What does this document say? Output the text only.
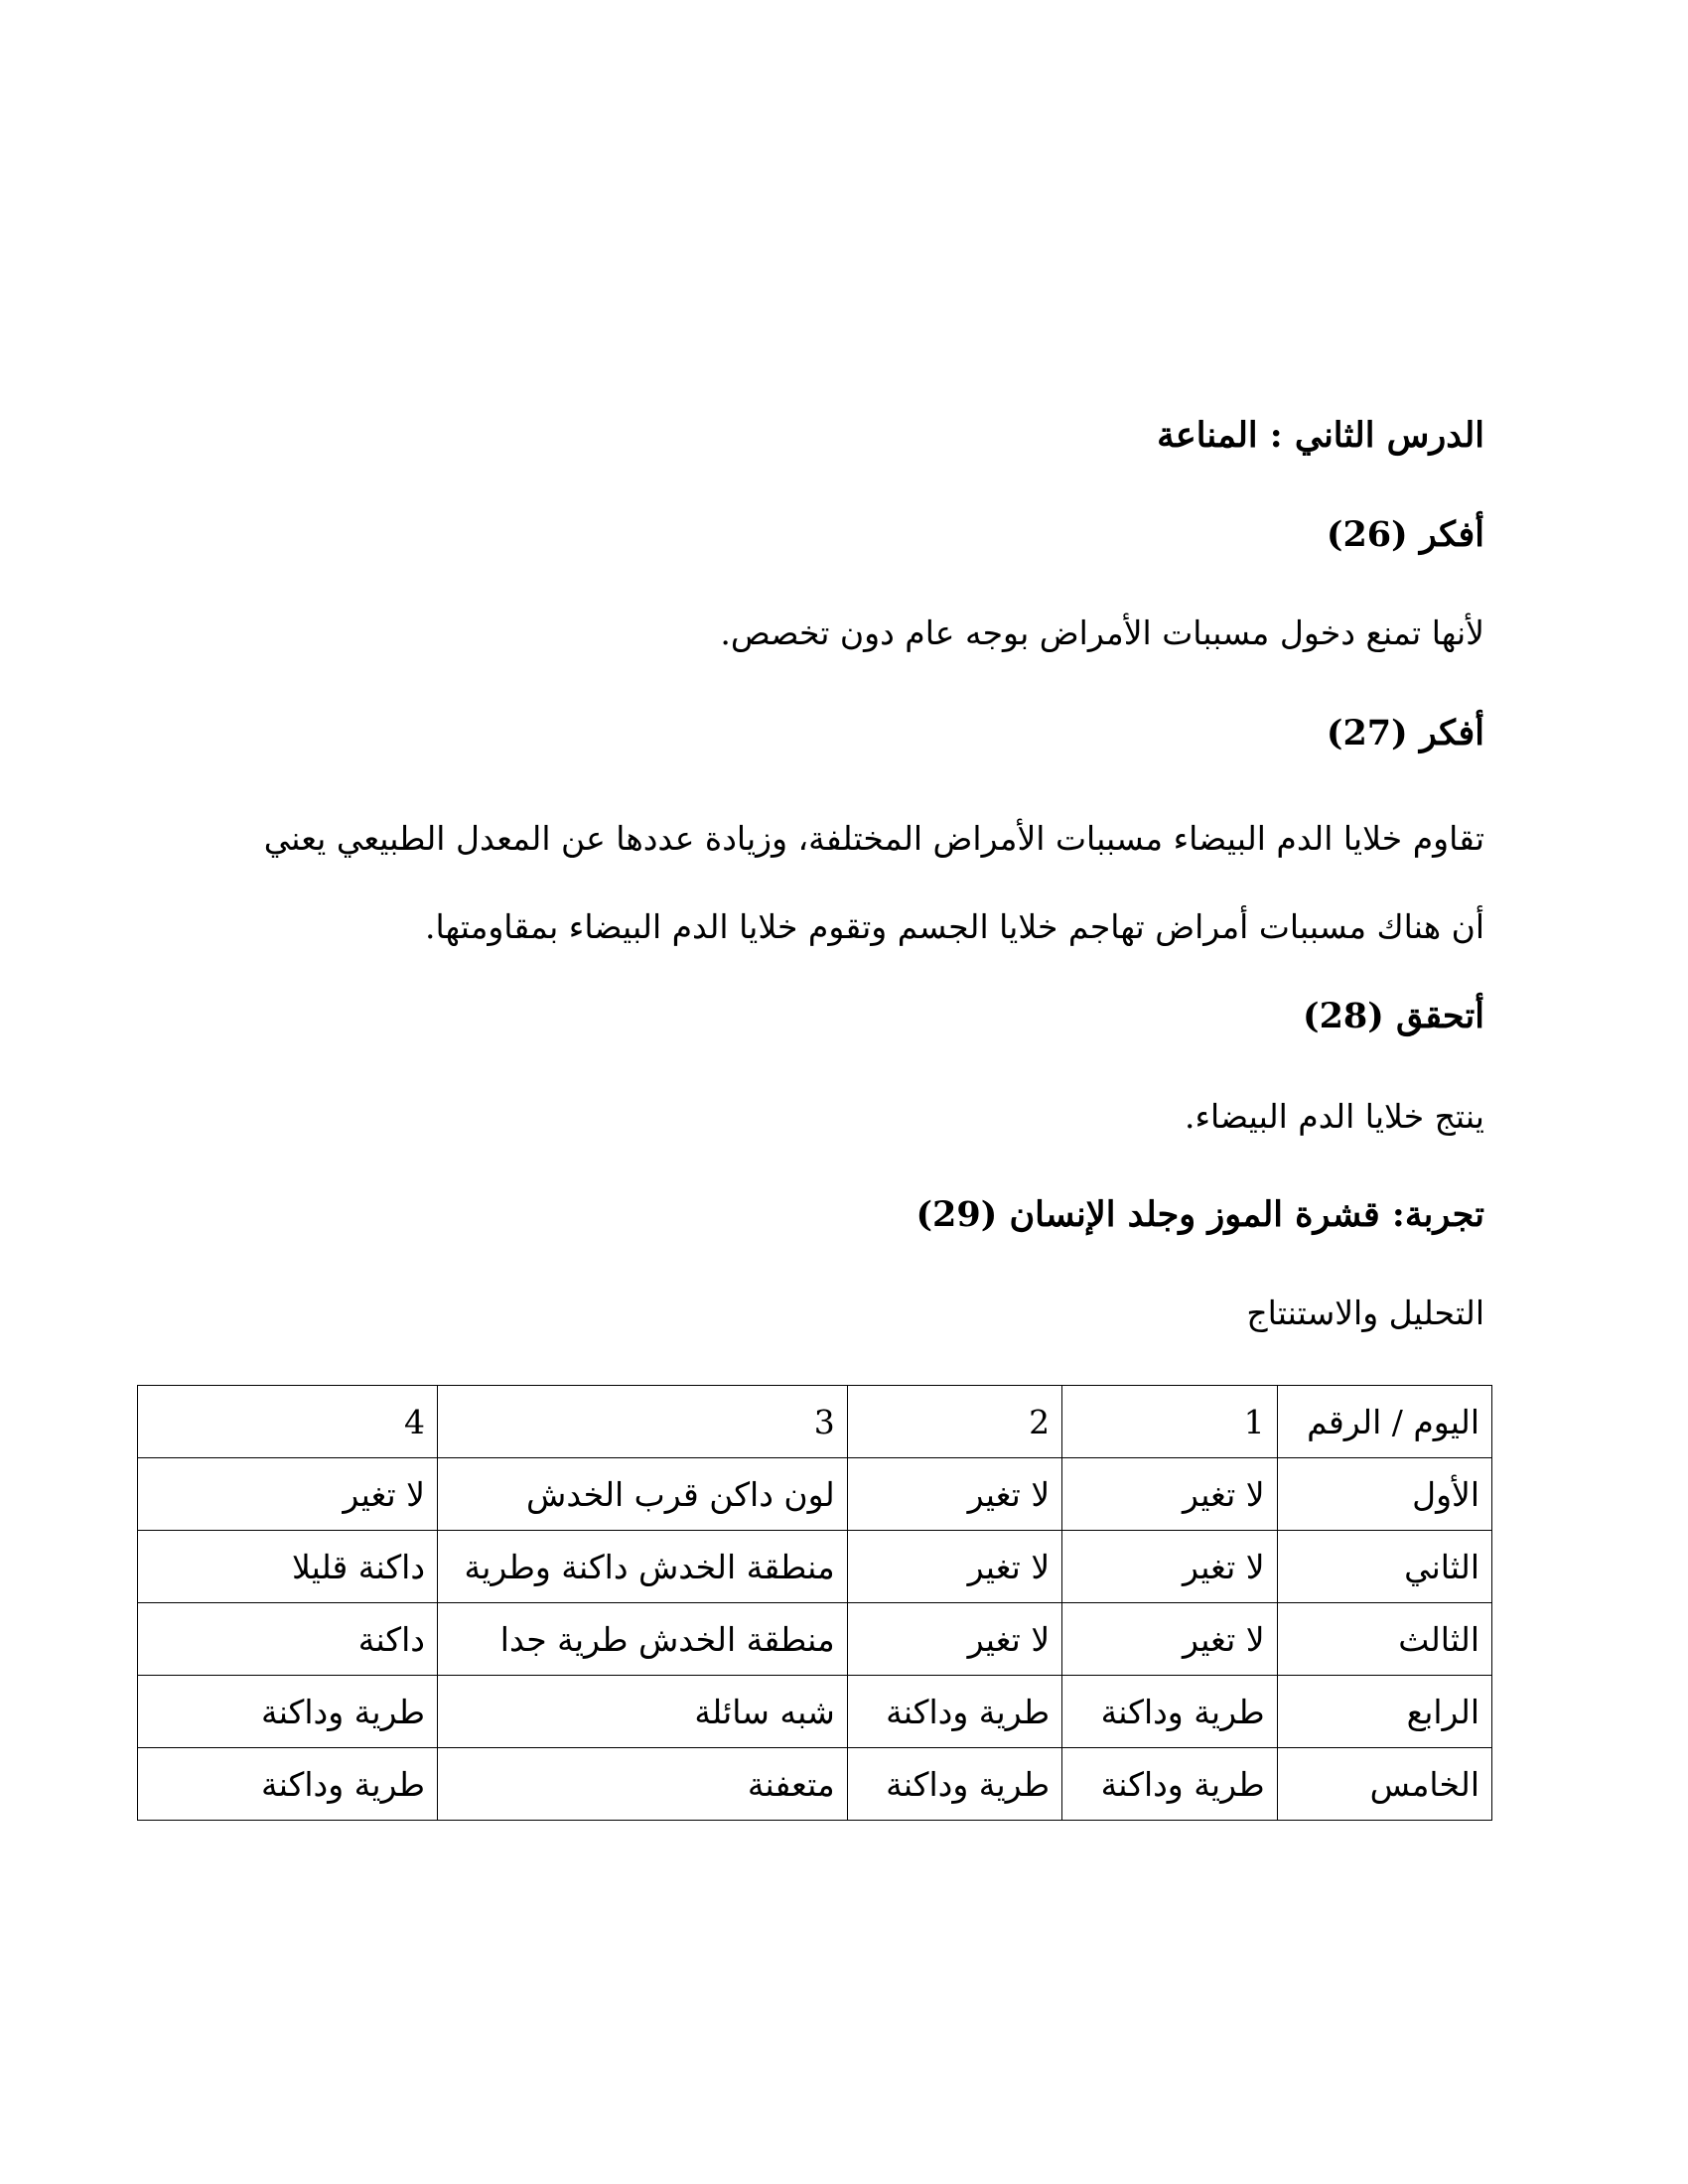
الدرس الثاني : المناعة
أفكر (26)
لأنها تمنع دخول مسببات الأمراض بوجه عام دون تخصص.
أفكر (27)
تقاوم خلايا الدم البيضاء مسببات الأمراض المختلفة، وزيادة عددها عن المعدل الطبيعي يعني
أن هناك مسببات أمراض تهاجم خلايا الجسم وتقوم خلايا الدم البيضاء بمقاومتها.
أتحقق (28)
ينتج خلايا الدم البيضاء.
تجربة: قشرة الموز وجلد الإنسان (29)
التحليل والاستنتاج
اليوم / الرقم	1	2	3	4
الأول	لا تغير	لا تغير	لون داكن قرب الخدش	لا تغير
الثاني	لا تغير	لا تغير	منطقة الخدش داكنة وطرية	داكنة قليلا
الثالث	لا تغير	لا تغير	منطقة الخدش طرية جدا	داكنة
الرابع	طرية وداكنة	طرية وداكنة	شبه سائلة	طرية وداكنة
الخامس	طرية وداكنة	طرية وداكنة	متعفنة	طرية وداكنة
